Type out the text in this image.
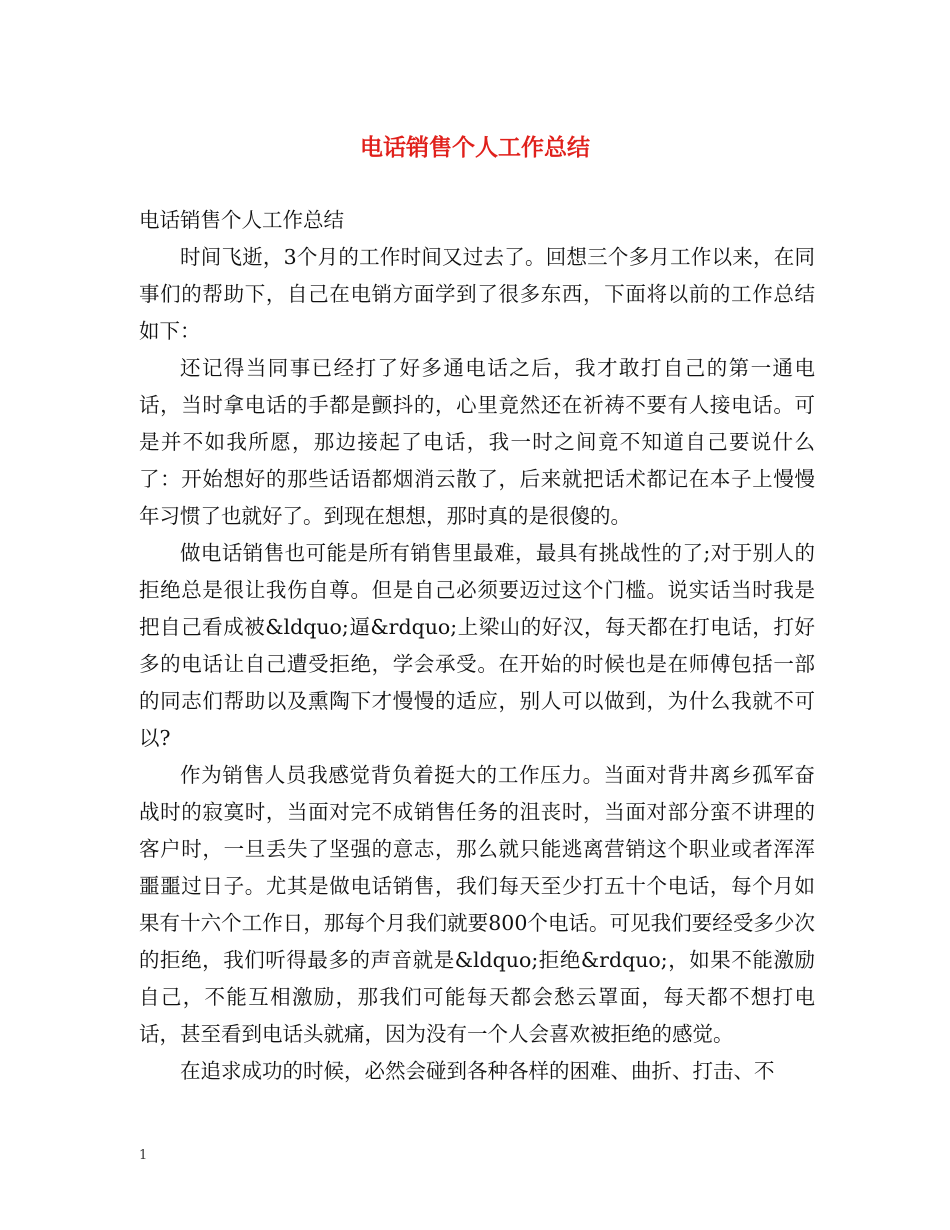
电话销售个人工作总结

电话销售个人工作总结

时间飞逝，3个月的工作时间又过去了。回想三个多月工作以来，在同事们的帮助下，自己在电销方面学到了很多东西，下面将以前的工作总结如下：

还记得当同事已经打了好多通电话之后，我才敢打自己的第一通电话，当时拿电话的手都是颤抖的，心里竟然还在祈祷不要有人接电话。可是并不如我所愿，那边接起了电话，我一时之间竟不知道自己要说什么了：开始想好的那些话语都烟消云散了，后来就把话术都记在本子上慢慢年习惯了也就好了。到现在想想，那时真的是很傻的。

做电话销售也可能是所有销售里最难，最具有挑战性的了;对于别人的拒绝总是很让我伤自尊。但是自己必须要迈过这个门槛。说实话当时我是把自己看成被&ldquo;逼&rdquo;上梁山的好汉，每天都在打电话，打好多的电话让自己遭受拒绝，学会承受。在开始的时候也是在师傅包括一部的同志们帮助以及熏陶下才慢慢的适应，别人可以做到，为什么我就不可以?

作为销售人员我感觉背负着挺大的工作压力。当面对背井离乡孤军奋战时的寂寞时，当面对完不成销售任务的沮丧时，当面对部分蛮不讲理的客户时，一旦丢失了坚强的意志，那么就只能逃离营销这个职业或者浑浑噩噩过日子。尤其是做电话销售，我们每天至少打五十个电话，每个月如果有十六个工作日，那每个月我们就要800个电话。可见我们要经受多少次的拒绝，我们听得最多的声音就是&ldquo;拒绝&rdquo;，如果不能激励自己，不能互相激励，那我们可能每天都会愁云罩面，每天都不想打电话，甚至看到电话头就痛，因为没有一个人会喜欢被拒绝的感觉。

在追求成功的时候，必然会碰到各种各样的困难、曲折、打击、不

1
